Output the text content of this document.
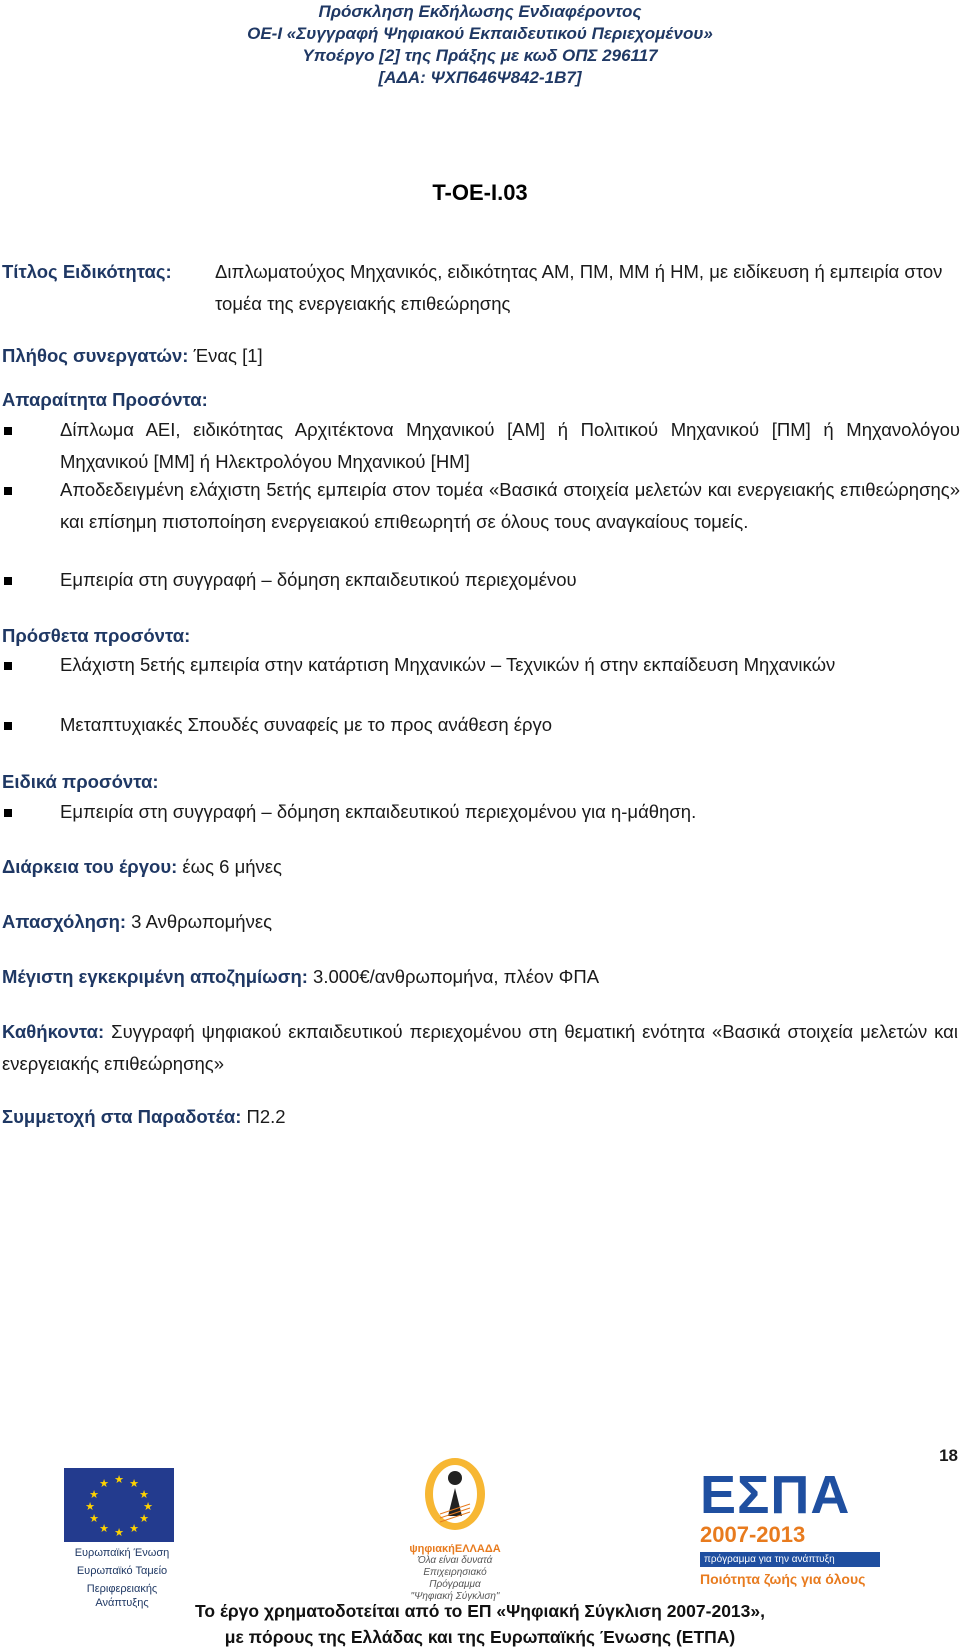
Πρόσκληση Εκδήλωσης Ενδιαφέροντος
ΟΕ-Ι «Συγγραφή Ψηφιακού Εκπαιδευτικού Περιεχομένου»
Υποέργο [2] της Πράξης με κωδ ΟΠΣ 296117
[ΑΔΑ: ΨΧΠ646Ψ842-1Β7]
Τ-ΟΕ-Ι.03
Τίτλος Ειδικότητας: Διπλωματούχος Μηχανικός, ειδικότητας ΑΜ, ΠΜ, ΜΜ ή ΗΜ, με ειδίκευση ή εμπειρία στον τομέα της ενεργειακής επιθεώρησης
Πλήθος συνεργατών: Ένας [1]
Απαραίτητα Προσόντα:
Δίπλωμα ΑΕΙ, ειδικότητας Αρχιτέκτονα Μηχανικού [ΑΜ] ή Πολιτικού Μηχανικού [ΠΜ] ή Μηχανολόγου Μηχανικού [ΜΜ] ή Ηλεκτρολόγου Μηχανικού [ΗΜ]
Αποδεδειγμένη ελάχιστη 5ετής εμπειρία στον τομέα «Βασικά στοιχεία μελετών και ενεργειακής επιθεώρησης» και επίσημη πιστοποίηση ενεργειακού επιθεωρητή σε όλους τους αναγκαίους τομείς.
Εμπειρία στη συγγραφή – δόμηση εκπαιδευτικού περιεχομένου
Πρόσθετα προσόντα:
Ελάχιστη 5ετής εμπειρία στην κατάρτιση Μηχανικών – Τεχνικών ή στην εκπαίδευση Μηχανικών
Μεταπτυχιακές Σπουδές συναφείς με το προς ανάθεση έργο
Ειδικά προσόντα:
Εμπειρία στη συγγραφή – δόμηση εκπαιδευτικού περιεχομένου για η-μάθηση.
Διάρκεια του έργου: έως 6 μήνες
Απασχόληση: 3 Ανθρωπομήνες
Μέγιστη εγκεκριμένη αποζημίωση: 3.000€/ανθρωπομήνα, πλέον ΦΠΑ
Καθήκοντα: Συγγραφή ψηφιακού εκπαιδευτικού περιεχομένου στη θεματική ενότητα «Βασικά στοιχεία μελετών και ενεργειακής επιθεώρησης»
Συμμετοχή στα Παραδοτέα: Π2.2
18
★ ★
★
★
★
★
★
★
★
★
★
★
Ευρωπαϊκή Ένωση
Ευρωπαϊκό Ταμείο
Περιφερειακής Ανάπτυξης
ψηφιακήΕΛΛΑΔΑ
Όλα είναι δυνατά
Επιχειρησιακό Πρόγραμμα
"Ψηφιακή Σύγκλιση"
ΕΣΠΑ
2007-2013
πρόγραμμα για την ανάπτυξη
Ποιότητα ζωής για όλους
Το έργο χρηματοδοτείται από το ΕΠ «Ψηφιακή Σύγκλιση 2007-2013»,
με πόρους της Ελλάδας και της Ευρωπαϊκής Ένωσης (ΕΤΠΑ)
